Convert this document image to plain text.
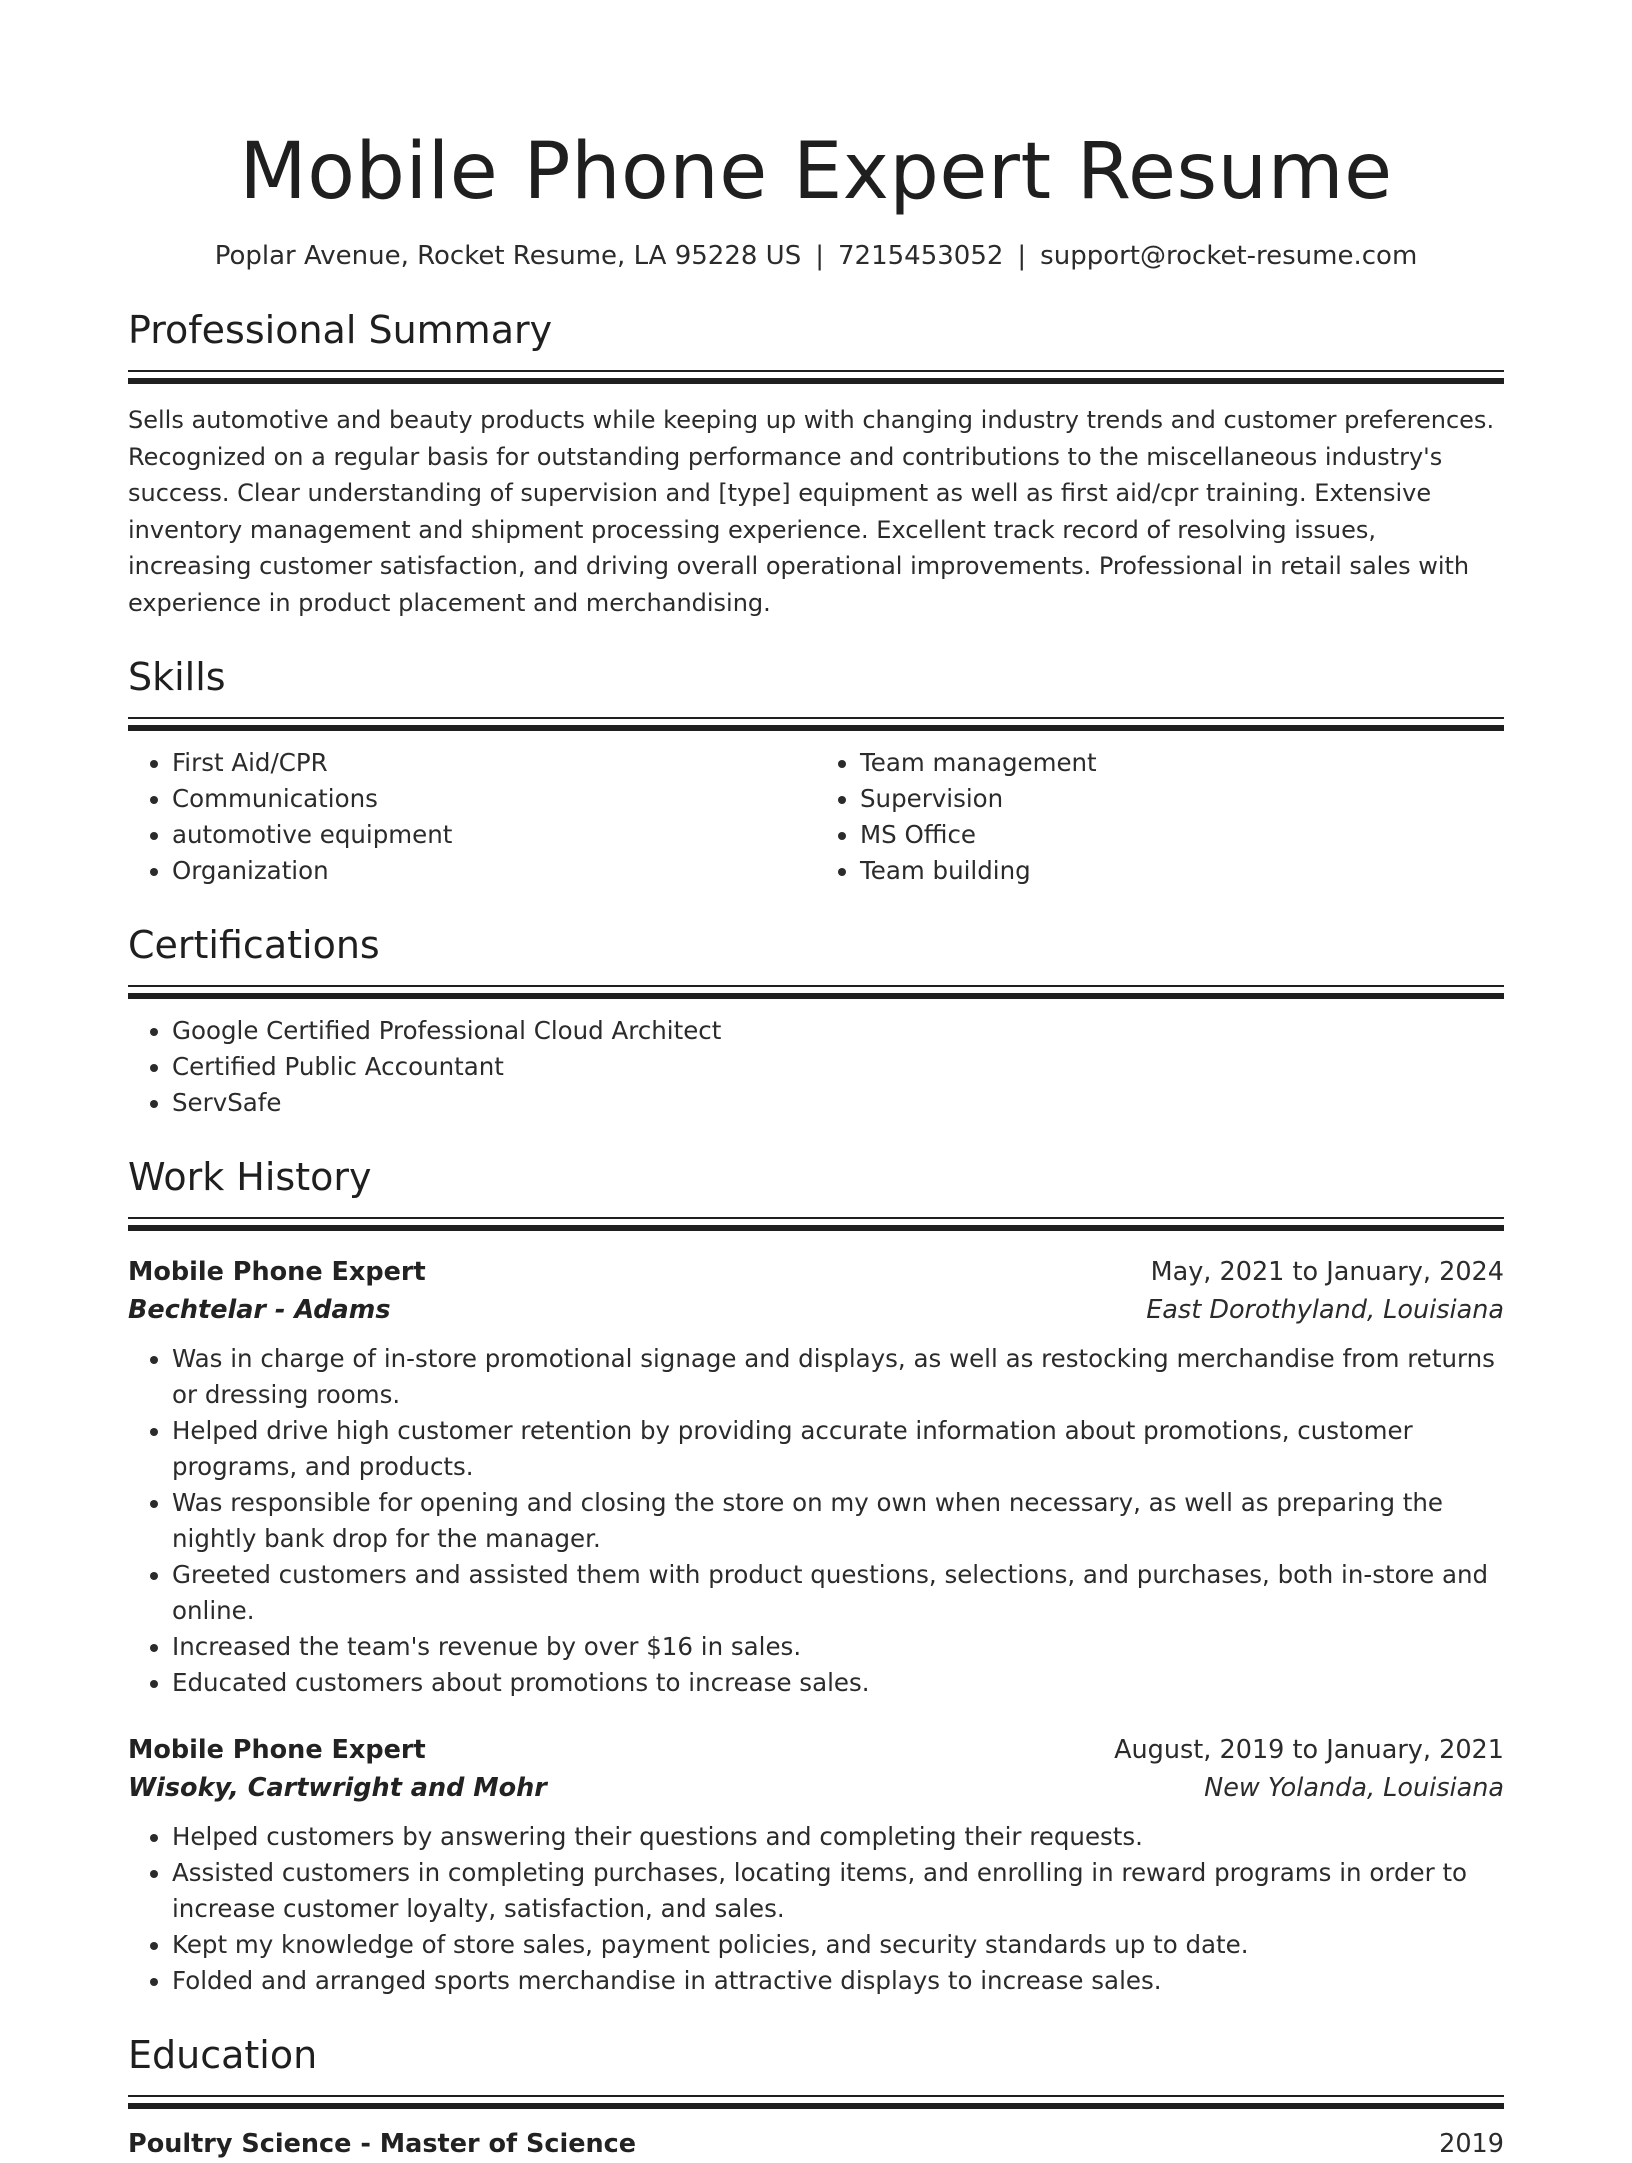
Mobile Phone Expert Resume
Poplar Avenue, Rocket Resume, LA 95228 US | 7215453052 | support@rocket-resume.com
Professional Summary
Sells automotive and beauty products while keeping up with changing industry trends and customer preferences. Recognized on a regular basis for outstanding performance and contributions to the miscellaneous industry's success. Clear understanding of supervision and [type] equipment as well as first aid/cpr training. Extensive inventory management and shipment processing experience. Excellent track record of resolving issues, increasing customer satisfaction, and driving overall operational improvements. Professional in retail sales with experience in product placement and merchandising.
Skills
• First Aid/CPR
• Communications
• automotive equipment
• Organization
• Team management
• Supervision
• MS Office
• Team building
Certifications
• Google Certified Professional Cloud Architect
• Certified Public Accountant
• ServSafe
Work History
Mobile Phone Expert	May, 2021 to January, 2024
Bechtelar - Adams	East Dorothyland, Louisiana
• Was in charge of in-store promotional signage and displays, as well as restocking merchandise from returns or dressing rooms.
• Helped drive high customer retention by providing accurate information about promotions, customer programs, and products.
• Was responsible for opening and closing the store on my own when necessary, as well as preparing the nightly bank drop for the manager.
• Greeted customers and assisted them with product questions, selections, and purchases, both in-store and online.
• Increased the team's revenue by over $16 in sales.
• Educated customers about promotions to increase sales.
Mobile Phone Expert	August, 2019 to January, 2021
Wisoky, Cartwright and Mohr	New Yolanda, Louisiana
• Helped customers by answering their questions and completing their requests.
• Assisted customers in completing purchases, locating items, and enrolling in reward programs in order to increase customer loyalty, satisfaction, and sales.
• Kept my knowledge of store sales, payment policies, and security standards up to date.
• Folded and arranged sports merchandise in attractive displays to increase sales.
Education
Poultry Science - Master of Science	2019
